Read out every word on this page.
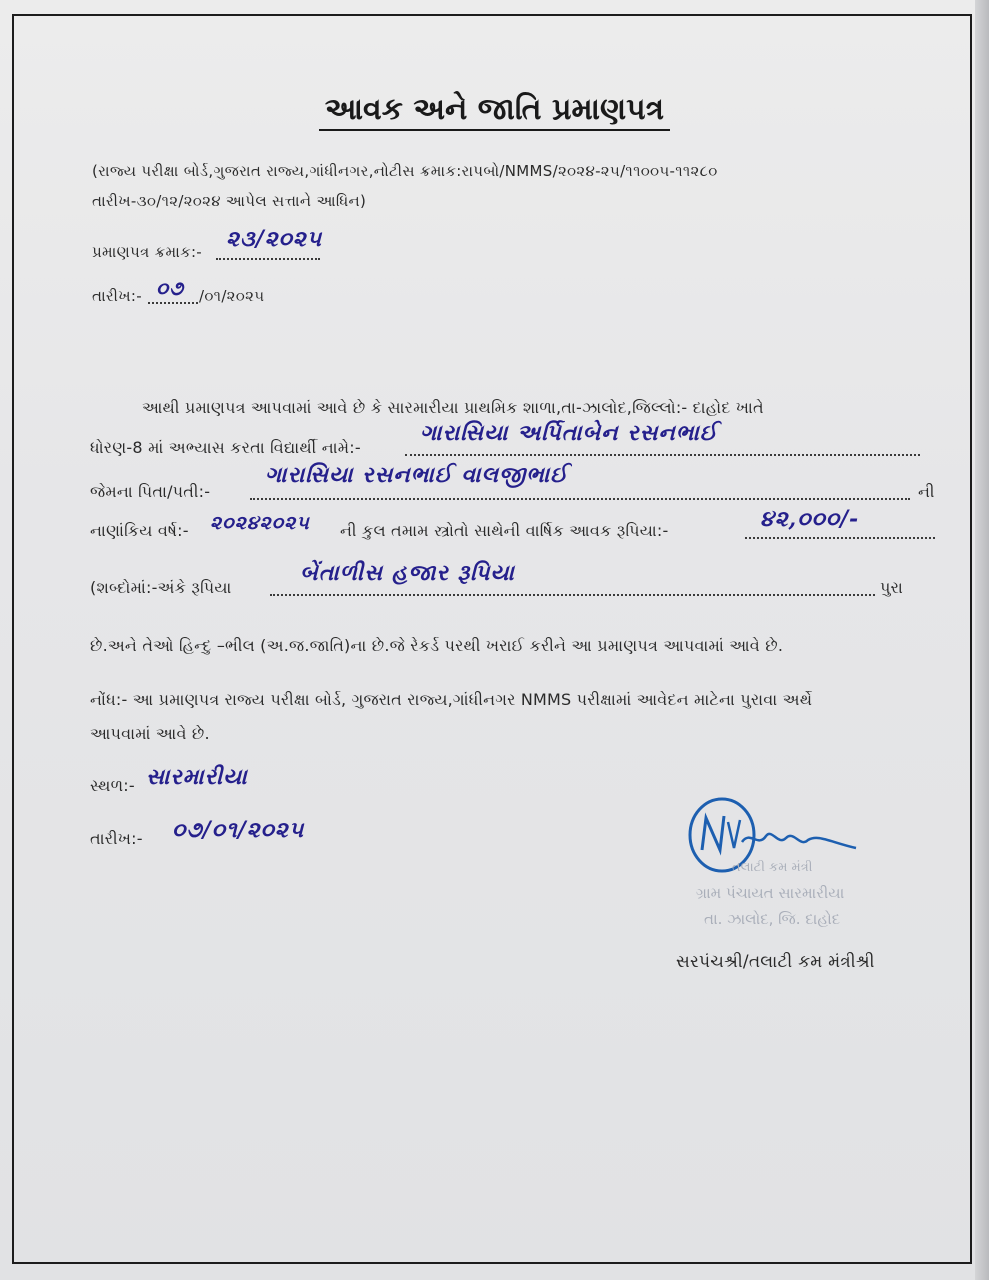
આવક અને જાતિ પ્રમાણપત્ર
(રાજ્ય પરીક્ષા બોર્ડ,ગુજરાત રાજ્ય,ગાંધીનગર,નોટીસ ક્રમાક:રાપબો/NMMS/૨૦૨૪-૨૫/૧૧૦૦૫-૧૧૨૮૦
તારીખ-૩૦/૧૨/૨૦૨૪ આપેલ સત્તાને આધિન)
પ્રમાણપત્ર ક્રમાક:- ૨૩/૨૦૨૫
તારીખ:- ૦૭ /૦૧/૨૦૨૫
આથી પ્રમાણપત્ર આપવામાં આવે છે કે સારમારીયા પ્રાથમિક શાળા,તા-ઝાલોદ,જિલ્લો:- દાહોદ ખાતે
ધોરણ-8 માં અભ્યાસ કરતા વિદ્યાર્થી નામે:-
ગારાસિયા અર્પિતાબેન રસનભાઈ
જેમના પિતા/પતી:-
ગારાસિયા રસનભાઈ વાલજીભાઈ
ની
નાણાંકિય વર્ષ:- ૨૦૨૪૨૦૨૫ ની કુલ તમામ સ્ત્રોતો સાથેની વાર્ષિક આવક રૂપિયા:-	૪૨,૦૦૦/-
(શબ્દોમાં:-અંકે રૂપિયા
બેંતાળીસ હજાર રૂપિયા
પુરા
છે.અને તેઓ હિન્દુ –ભીલ (અ.જ.જાતિ)ના છે.જે રેકર્ડ પરથી ખરાઈ કરીને આ પ્રમાણપત્ર આપવામાં આવે છે.
નોંધ:- આ પ્રમાણપત્ર રાજ્ય પરીક્ષા બોર્ડ, ગુજરાત રાજ્ય,ગાંધીનગર NMMS પરીક્ષામાં આવેદન માટેના પુરાવા અર્થે
આપવામાં આવે છે.
સ્થળ:- સારમારીયા
તારીખ:- ૦૭/૦૧/૨૦૨૫
તલાટી કમ મંત્રી
ગ્રામ પંચાયત સારમારીયા
તા. ઝાલોદ, જિ. દાહોદ
સરપંચશ્રી/તલાટી કમ મંત્રીશ્રી
